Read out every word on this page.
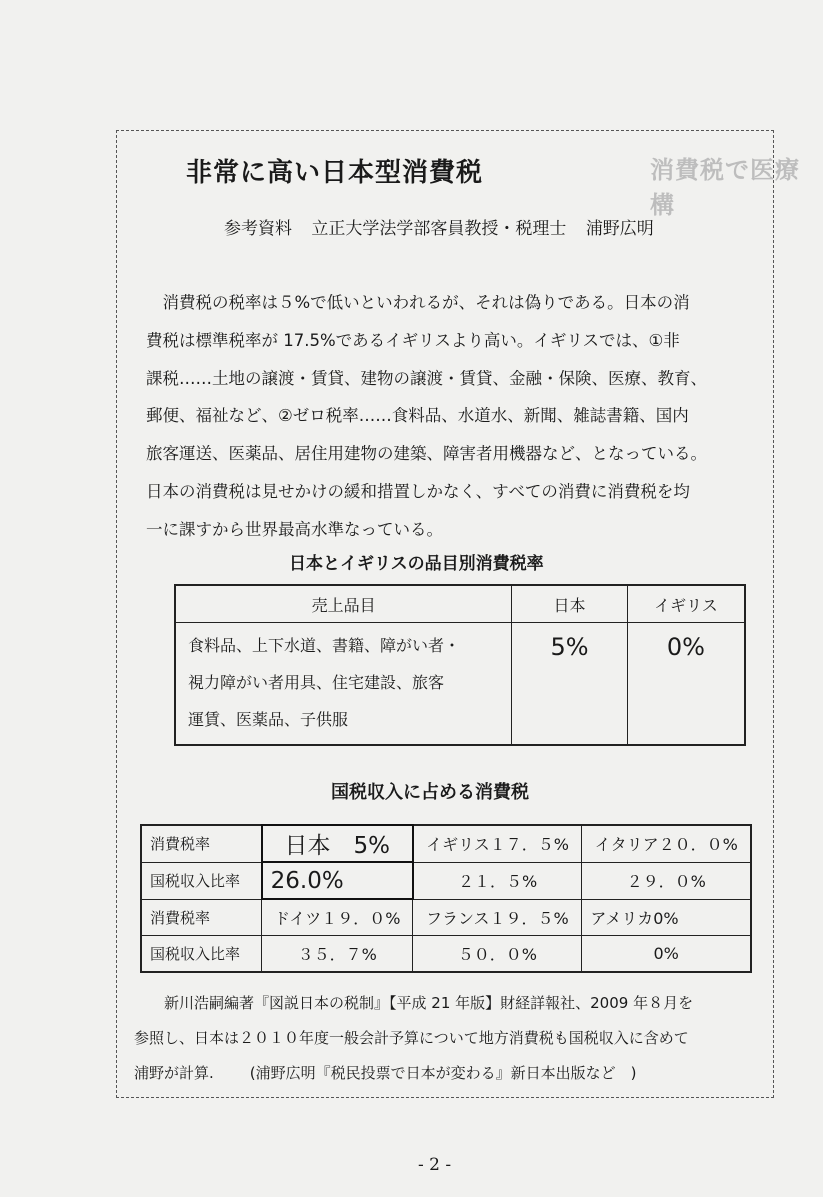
消費税で医療構
非常に高い日本型消費税
参考資料 立正大学法学部客員教授・税理士 浦野広明

　消費税の税率は５%で低いといわれるが、それは偽りである。日本の消
費税は標準税率が 17.5%であるイギリスより高い。イギリスでは、①非
課税……土地の譲渡・賃貸、建物の譲渡・賃貸、金融・保険、医療、教育、
郵便、福祉など、②ゼロ税率……食料品、水道水、新聞、雑誌書籍、国内
旅客運送、医薬品、居住用建物の建築、障害者用機器など、となっている。
日本の消費税は見せかけの緩和措置しかなく、すべての消費に消費税を均
一に課すから世界最高水準なっている。

日本とイギリスの品目別消費税率
売上品目	日本	イギリス
食料品、上下水道、書籍、障がい者・
視力障がい者用具、住宅建設、旅客
運賃、医薬品、子供服	5%	0%
国税収入に占める消費税
消費税率	日本　5%	イギリス１７．５%	イタリア２０．０%
国税収入比率	26.0%	２１．５%	２９．０%
消費税率	ドイツ１９．０%	フランス１９．５%	アメリカ0%
国税収入比率	３５．７%	５０．０%	0%

新川浩嗣編著『図説日本の税制』【平成 21 年版】財経詳報社、2009 年８月を
参照し、日本は２０１０年度一般会計予算について地方消費税も国税収入に含めて
浦野が計算. (浦野広明『税民投票で日本が変わる』新日本出版など　)

- 2 -
